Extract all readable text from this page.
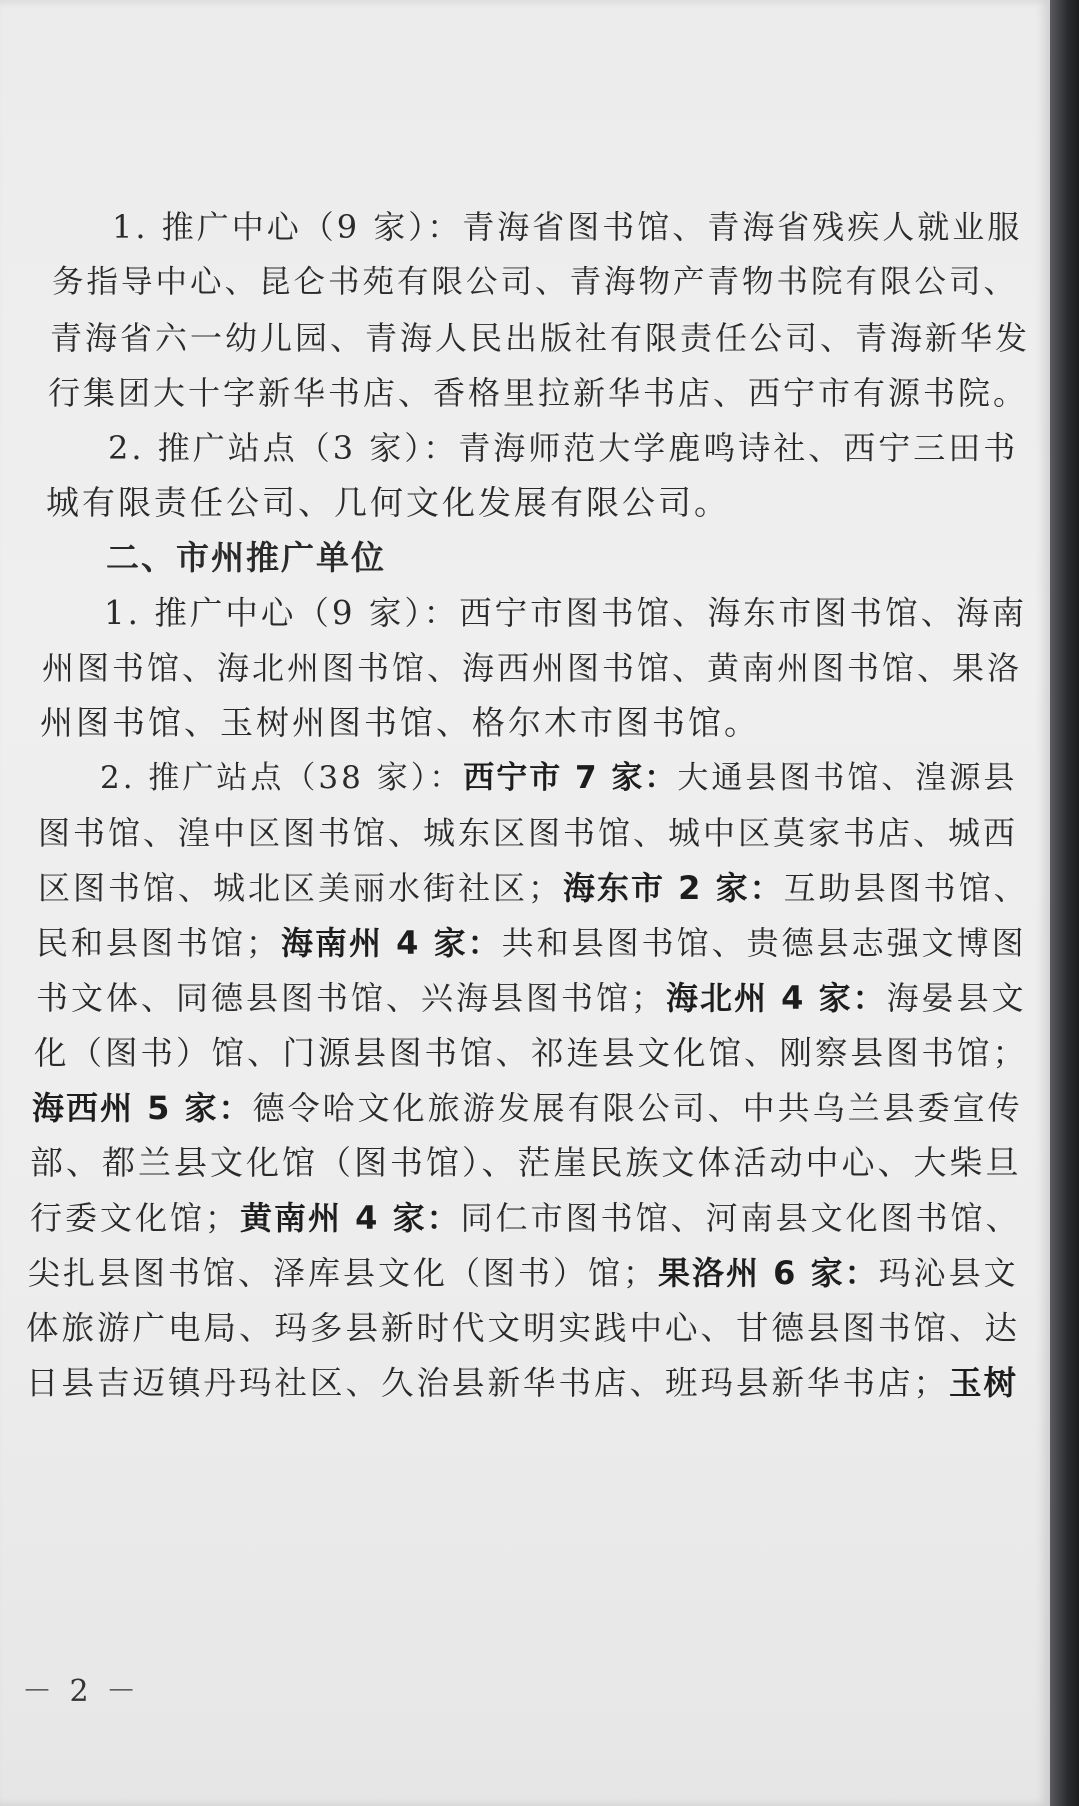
1. 推广中心（9 家）：青海省图书馆、青海省残疾人就业服

务指导中心、昆仑书苑有限公司、青海物产青物书院有限公司、

青海省六一幼儿园、青海人民出版社有限责任公司、青海新华发

行集团大十字新华书店、香格里拉新华书店、西宁市有源书院。

2. 推广站点（3 家）：青海师范大学鹿鸣诗社、西宁三田书

城有限责任公司、几何文化发展有限公司。

二、市州推广单位

1. 推广中心（9 家）：西宁市图书馆、海东市图书馆、海南

州图书馆、海北州图书馆、海西州图书馆、黄南州图书馆、果洛

州图书馆、玉树州图书馆、格尔木市图书馆。

2. 推广站点（38 家）：西宁市 7 家：大通县图书馆、湟源县

图书馆、湟中区图书馆、城东区图书馆、城中区莫家书店、城西

区图书馆、城北区美丽水街社区；海东市 2 家：互助县图书馆、

民和县图书馆；海南州 4 家：共和县图书馆、贵德县志强文博图

书文体、同德县图书馆、兴海县图书馆；海北州 4 家：海晏县文

化（图书）馆、门源县图书馆、祁连县文化馆、刚察县图书馆；

海西州 5 家：德令哈文化旅游发展有限公司、中共乌兰县委宣传

部、都兰县文化馆（图书馆）、茫崖民族文体活动中心、大柴旦

行委文化馆；黄南州 4 家：同仁市图书馆、河南县文化图书馆、

尖扎县图书馆、泽库县文化（图书）馆；果洛州 6 家：玛沁县文

体旅游广电局、玛多县新时代文明实践中心、甘德县图书馆、达

日县吉迈镇丹玛社区、久治县新华书店、班玛县新华书店；玉树

－ 2 －
